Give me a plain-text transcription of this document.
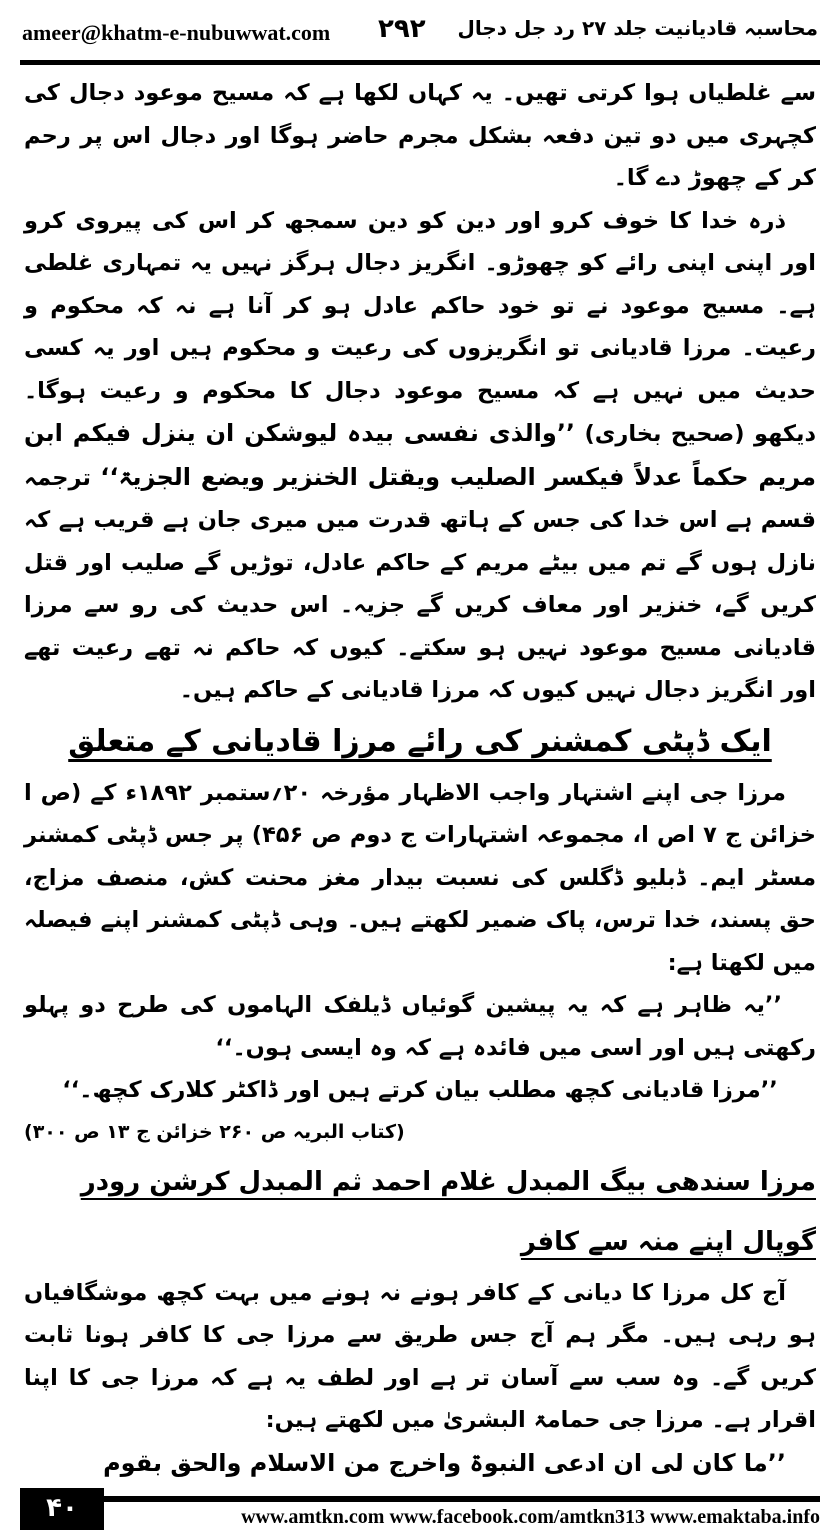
ameer@khatm-e-nubuwwat.com ۲۹۲ محاسبہ قادیانیت جلد ۲۷ رد جل دجال

سے غلطیاں ہوا کرتی تھیں۔ یہ کہاں لکھا ہے کہ مسیح موعود دجال کی کچہری میں دو تین دفعہ بشکل مجرم حاضر ہوگا اور دجال اس پر رحم کر کے چھوڑ دے گا۔

ذرہ خدا کا خوف کرو اور دین کو دین سمجھ کر اس کی پیروی کرو اور اپنی اپنی رائے کو چھوڑو۔ انگریز دجال ہرگز نہیں یہ تمہاری غلطی ہے۔ مسیح موعود نے تو خود حاکم عادل ہو کر آنا ہے نہ کہ محکوم و رعیت۔ مرزا قادیانی تو انگریزوں کی رعیت و محکوم ہیں اور یہ کسی حدیث میں نہیں ہے کہ مسیح موعود دجال کا محکوم و رعیت ہوگا۔ دیکھو (صحیح بخاری) ’’والذی نفسی بیدہ لیوشکن ان ینزل فیکم ابن مریم حکماً عدلاً فیکسر الصلیب ویقتل الخنزیر ویضع الجزیۃ‘‘ ترجمہ قسم ہے اس خدا کی جس کے ہاتھ قدرت میں میری جان ہے قریب ہے کہ نازل ہوں گے تم میں بیٹے مریم کے حاکم عادل، توڑیں گے صلیب اور قتل کریں گے، خنزیر اور معاف کریں گے جزیہ۔ اس حدیث کی رو سے مرزا قادیانی مسیح موعود نہیں ہو سکتے۔ کیوں کہ حاکم نہ تھے رعیت تھے اور انگریز دجال نہیں کیوں کہ مرزا قادیانی کے حاکم ہیں۔

ایک ڈپٹی کمشنر کی رائے مرزا قادیانی کے متعلق

مرزا جی اپنے اشتہار واجب الاظہار مؤرخہ ۲۰؍ستمبر ۱۸۹۲ء کے (ص ا خزائن ج ۷ اص ا، مجموعہ اشتہارات ج دوم ص ۴۵۶) پر جس ڈپٹی کمشنر مسٹر ایم۔ ڈبلیو ڈگلس کی نسبت بیدار مغز محنت کش، منصف مزاج، حق پسند، خدا ترس، پاک ضمیر لکھتے ہیں۔ وہی ڈپٹی کمشنر اپنے فیصلہ میں لکھتا ہے:

’’یہ ظاہر ہے کہ یہ پیشین گوئیاں ڈیلفک الہاموں کی طرح دو پہلو رکھتی ہیں اور اسی میں فائدہ ہے کہ وہ ایسی ہوں۔‘‘

’’مرزا قادیانی کچھ مطلب بیان کرتے ہیں اور ڈاکٹر کلارک کچھ۔‘‘

(کتاب البریہ ص ۲۶۰ خزائن ج ۱۳ ص ۳۰۰)

مرزا سندھی بیگ المبدل غلام احمد ثم المبدل کرشن رودر گوپال اپنے منہ سے کافر

آج کل مرزا کا دیانی کے کافر ہونے نہ ہونے میں بہت کچھ موشگافیاں ہو رہی ہیں۔ مگر ہم آج جس طریق سے مرزا جی کا کافر ہونا ثابت کریں گے۔ وہ سب سے آسان تر ہے اور لطف یہ ہے کہ مرزا جی کا اپنا اقرار ہے۔ مرزا جی حمامۃ البشریٰ میں لکھتے ہیں:

’’ما کان لی ان ادعی النبوۃ واخرج من الاسلام والحق بقوم

۴۰	www.amtkn.com www.facebook.com/amtkn313 www.emaktaba.info
